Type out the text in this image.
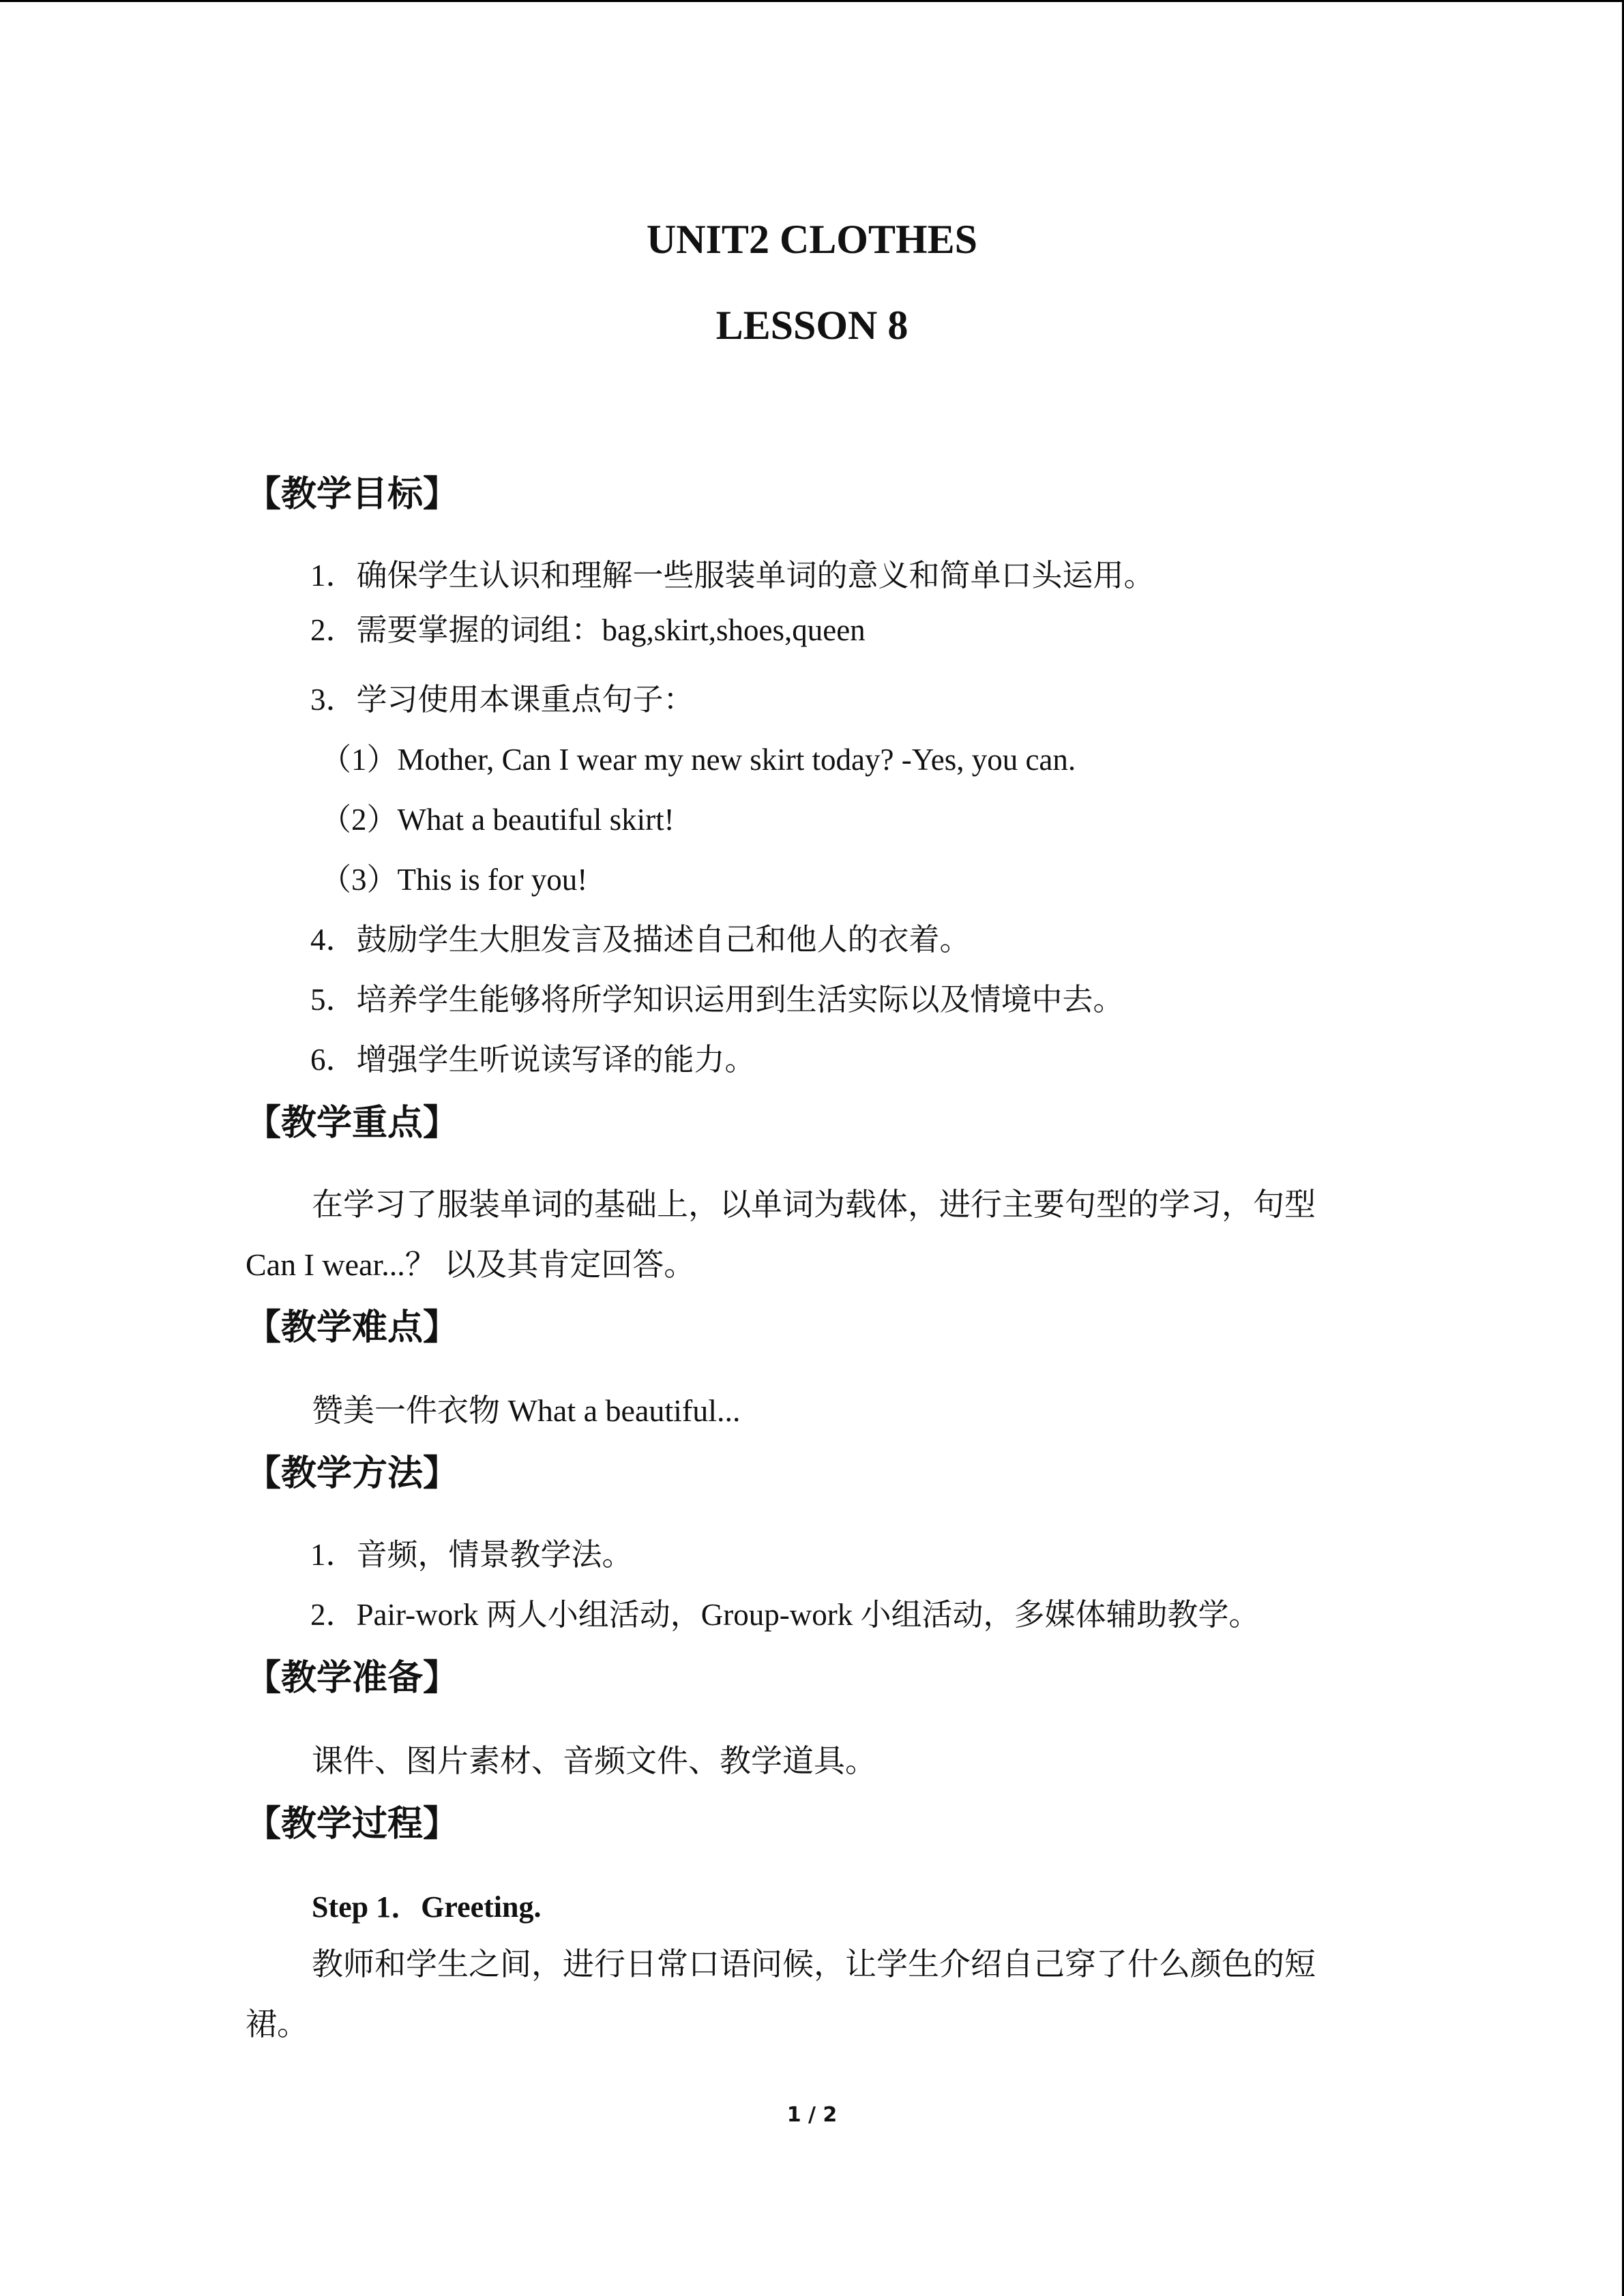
UNIT2 CLOTHES
LESSON 8
【教学目标】
1．确保学生认识和理解一些服装单词的意义和简单口头运用。
2．需要掌握的词组：bag,skirt,shoes,queen
3．学习使用本课重点句子：
（1）Mother, Can I wear my new skirt today? -Yes, you can.
（2）What a beautiful skirt!
（3）This is for you!
4．鼓励学生大胆发言及描述自己和他人的衣着。
5．培养学生能够将所学知识运用到生活实际以及情境中去。
6．增强学生听说读写译的能力。
【教学重点】
在学习了服装单词的基础上，以单词为载体，进行主要句型的学习，句型
Can I wear...？ 以及其肯定回答。
【教学难点】
赞美一件衣物 What a beautiful...
【教学方法】
1．音频，情景教学法。
2．Pair-work 两人小组活动，Group-work 小组活动，多媒体辅助教学。
【教学准备】
课件、图片素材、音频文件、教学道具。
【教学过程】
Step 1．Greeting.
教师和学生之间，进行日常口语问候，让学生介绍自己穿了什么颜色的短
裙。
1 / 2
